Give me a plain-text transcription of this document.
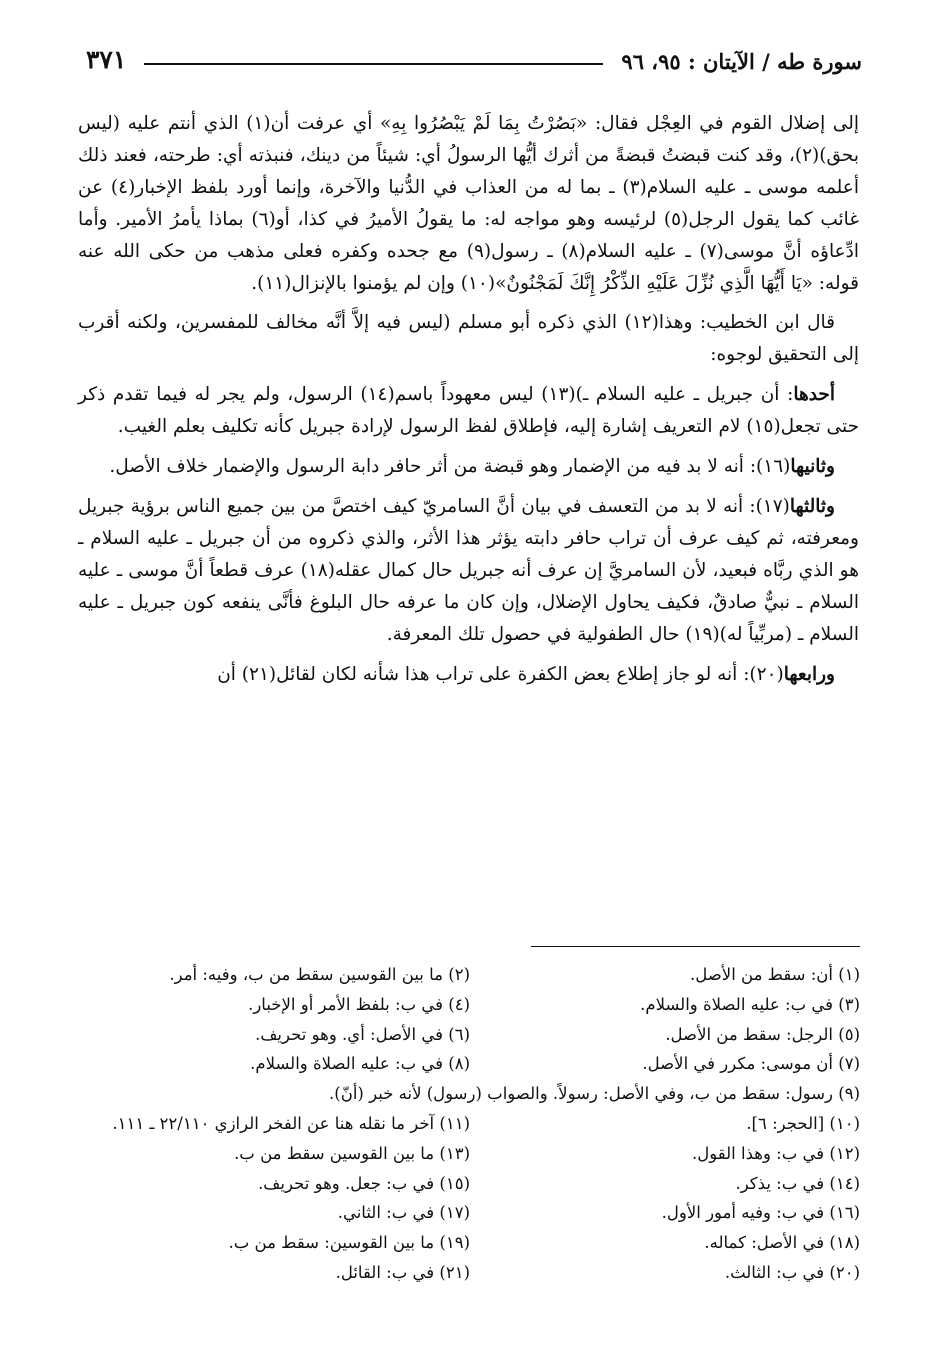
سورة طه / الآيتان : ٩٥، ٩٦
٣٧١

إلى إضلال القوم في العِجْل فقال: «بَصُرْتُ بِمَا لَمْ يَبْصُرُوا بِهِ» أي عرفت أن(١) الذي أنتم عليه (ليس بحق)(٢)، وقد كنت قبضتُ قبضةً من أثرك أيُّها الرسولُ أي: شيئاً من دينك، فنبذته أي: طرحته، فعند ذلك أعلمه موسى ـ عليه السلام(٣) ـ بما له من العذاب في الدُّنيا والآخرة، وإنما أورد بلفظ الإخبار(٤) عن غائب كما يقول الرجل(٥) لرئيسه وهو مواجه له: ما يقولُ الأميرُ في كذا، أو(٦) بماذا يأمرُ الأمير. وأما ادِّعاؤه أنَّ موسى(٧) ـ عليه السلام(٨) ـ رسول(٩) مع جحده وكفره فعلى مذهب من حكى الله عنه قوله: «يَا أَيُّهَا الَّذِي نُزِّلَ عَلَيْهِ الذِّكْرُ إِنَّكَ لَمَجْنُونٌ»(١٠) وإن لم يؤمنوا بالإنزال(١١).

قال ابن الخطيب: وهذا(١٢) الذي ذكره أبو مسلم (ليس فيه إلاَّ أنَّه مخالف للمفسرين، ولكنه أقرب إلى التحقيق لوجوه:

أحدها: أن جبريل ـ عليه السلام ـ)(١٣) ليس معهوداً باسم(١٤) الرسول، ولم يجر له فيما تقدم ذكر حتى تجعل(١٥) لام التعريف إشارة إليه، فإطلاق لفظ الرسول لإرادة جبريل كأنه تكليف بعلم الغيب.

وثانيها(١٦): أنه لا بد فيه من الإضمار وهو قبضة من أثر حافر دابة الرسول والإضمار خلاف الأصل.

وثالثها(١٧): أنه لا بد من التعسف في بيان أنَّ السامريّ كيف اختصَّ من بين جميع الناس برؤية جبريل ومعرفته، ثم كيف عرف أن تراب حافر دابته يؤثر هذا الأثر، والذي ذكروه من أن جبريل ـ عليه السلام ـ هو الذي ربَّاه فبعيد، لأن السامريَّ إن عرف أنه جبريل حال كمال عقله(١٨) عرف قطعاً أنَّ موسى ـ عليه السلام ـ نبيٌّ صادقٌ، فكيف يحاول الإضلال، وإن كان ما عرفه حال البلوغ فأنَّى ينفعه كون جبريل ـ عليه السلام ـ (مربِّياً له)(١٩) حال الطفولية في حصول تلك المعرفة.

ورابعها(٢٠): أنه لو جاز إطلاع بعض الكفرة على تراب هذا شأنه لكان لقائل(٢١) أن

(١) أن: سقط من الأصل.
(٢) ما بين القوسين سقط من ب، وفيه: أمر.
(٣) في ب: عليه الصلاة والسلام.
(٤) في ب: بلفظ الأمر أو الإخبار.
(٥) الرجل: سقط من الأصل.
(٦) في الأصل: أي. وهو تحريف.
(٧) أن موسى: مكرر في الأصل.
(٨) في ب: عليه الصلاة والسلام.
(٩) رسول: سقط من ب، وفي الأصل: رسولاً. والصواب (رسول) لأنه خبر (أنّ).
(١٠) [الحجر: ٦].
(١١) آخر ما نقله هنا عن الفخر الرازي ٢٢/١١٠ ـ ١١١.
(١٢) في ب: وهذا القول.
(١٣) ما بين القوسين سقط من ب.
(١٤) في ب: يذكر.
(١٥) في ب: جعل. وهو تحريف.
(١٦) في ب: وفيه أمور الأول.
(١٧) في ب: الثاني.
(١٨) في الأصل: كماله.
(١٩) ما بين القوسين: سقط من ب.
(٢٠) في ب: الثالث.
(٢١) في ب: القائل.
